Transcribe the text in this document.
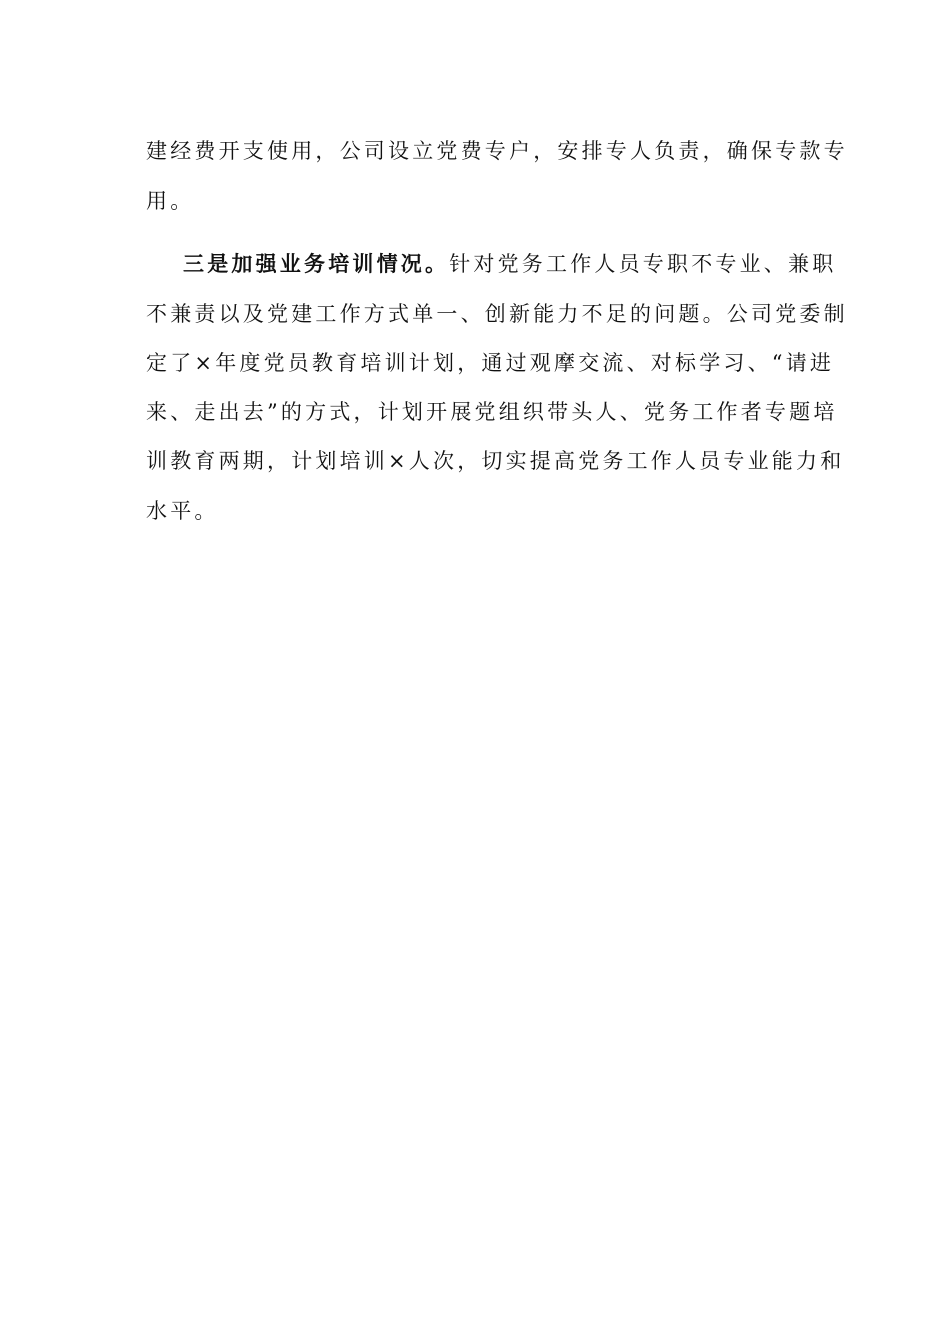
建经费开支使用，公司设立党费专户，安排专人负责，确保专款专
用。
三是加强业务培训情况。针对党务工作人员专职不专业、兼职
不兼责以及党建工作方式单一、创新能力不足的问题。公司党委制
定了×年度党员教育培训计划，通过观摩交流、对标学习、“请进
来、走出去”的方式，计划开展党组织带头人、党务工作者专题培
训教育两期，计划培训×人次，切实提高党务工作人员专业能力和
水平。
